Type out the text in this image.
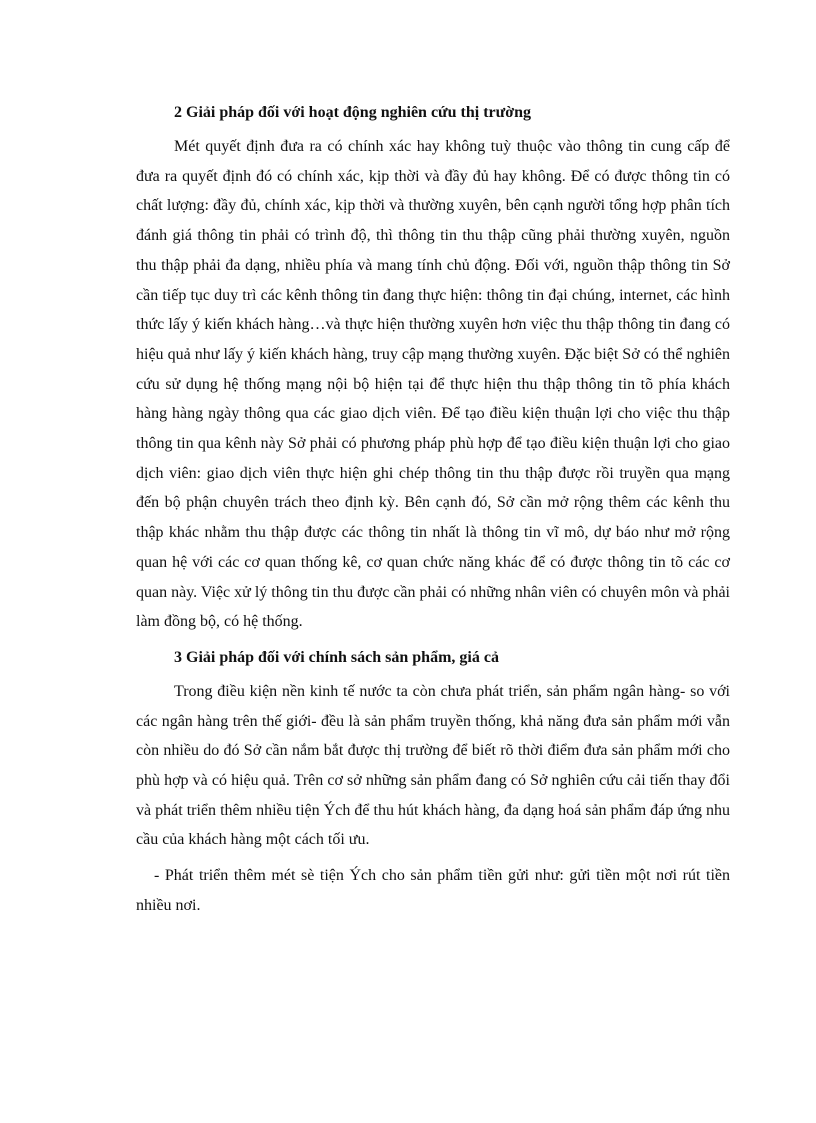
2 Giải pháp đối với hoạt động nghiên cứu thị trường

Mét quyết định đưa ra có chính xác hay không tuỳ thuộc vào thông tin cung cấp để đưa ra quyết định đó có chính xác, kịp thời và đầy đủ hay không. Để có được thông tin có chất lượng: đầy đủ, chính xác, kịp thời và thường xuyên, bên cạnh người tổng hợp phân tích đánh giá thông tin phải có trình độ, thì thông tin thu thập cũng phải thường xuyên, nguồn thu thập phải đa dạng, nhiều phía và mang tính chủ động. Đối với, nguồn thập thông tin Sở cần tiếp tục duy trì các kênh thông tin đang thực hiện: thông tin đại chúng, internet, các hình thức lấy ý kiến khách hàng…và thực hiện thường xuyên hơn việc thu thập thông tin đang có hiệu quả như lấy ý kiến khách hàng, truy cập mạng thường xuyên. Đặc biệt Sở có thể nghiên cứu sử dụng hệ thống mạng nội bộ hiện tại để thực hiện thu thập thông tin tõ phía khách hàng hàng ngày thông qua các giao dịch viên. Để tạo điều kiện thuận lợi cho việc thu thập thông tin qua kênh này Sở phải có phương pháp phù hợp để tạo điều kiện thuận lợi cho giao dịch viên: giao dịch viên thực hiện ghi chép thông tin thu thập được rồi truyền qua mạng đến bộ phận chuyên trách theo định kỳ. Bên cạnh đó, Sở cần mở rộng thêm các kênh thu thập khác nhằm thu thập được các thông tin nhất là thông tin vĩ mô, dự báo như mở rộng quan hệ với các cơ quan thống kê, cơ quan chức năng khác để có được thông tin tõ các cơ quan này. Việc xử lý thông tin thu được cần phải có những nhân viên có chuyên môn và phải làm đồng bộ, có hệ thống.

3 Giải pháp đối với chính sách sản phẩm, giá cả

Trong điều kiện nền kinh tế nước ta còn chưa phát triển, sản phẩm ngân hàng- so với các ngân hàng trên thế giới- đều là sản phẩm truyền thống, khả năng đưa sản phẩm mới vẫn còn nhiều do đó Sở cần nắm bắt được thị trường để biết rõ thời điểm đưa sản phẩm mới cho phù hợp và có hiệu quả. Trên cơ sở những sản phẩm đang có Sở nghiên cứu cải tiến thay đổi và phát triển thêm nhiều tiện Ých để thu hút khách hàng, đa dạng hoá sản phẩm đáp ứng nhu cầu của khách hàng một cách tối ưu.

- Phát triển thêm mét sè tiện Ých cho sản phẩm tiền gửi như: gửi tiền một nơi rút tiền nhiều nơi.
